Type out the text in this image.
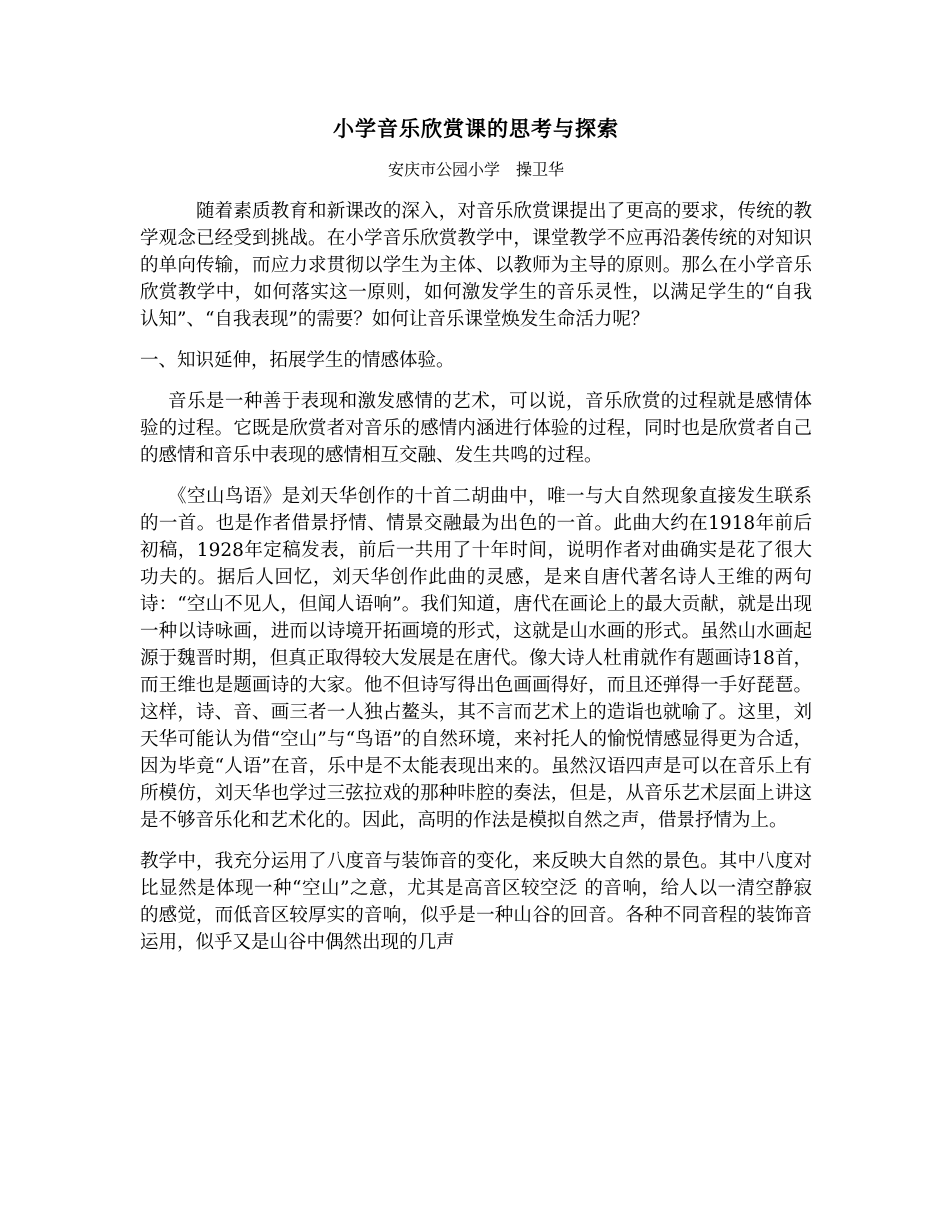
小学音乐欣赏课的思考与探索
安庆市公园小学　操卫华

随着素质教育和新课改的深入，对音乐欣赏课提出了更高的要求，传统的教学观念已经受到挑战。在小学音乐欣赏教学中，课堂教学不应再沿袭传统的对知识的单向传输，而应力求贯彻以学生为主体、以教师为主导的原则。那么在小学音乐欣赏教学中，如何落实这一原则，如何激发学生的音乐灵性，以满足学生的“自我认知”、“自我表现”的需要？如何让音乐课堂焕发生命活力呢？

一、知识延伸，拓展学生的情感体验。

音乐是一种善于表现和激发感情的艺术，可以说，音乐欣赏的过程就是感情体验的过程。它既是欣赏者对音乐的感情内涵进行体验的过程，同时也是欣赏者自己的感情和音乐中表现的感情相互交融、发生共鸣的过程。

《空山鸟语》是刘天华创作的十首二胡曲中，唯一与大自然现象直接发生联系的一首。也是作者借景抒情、情景交融最为出色的一首。此曲大约在1918年前后初稿，1928年定稿发表，前后一共用了十年时间，说明作者对曲确实是花了很大功夫的。据后人回忆，刘天华创作此曲的灵感，是来自唐代著名诗人王维的两句诗：“空山不见人，但闻人语响”。我们知道，唐代在画论上的最大贡献，就是出现一种以诗咏画，进而以诗境开拓画境的形式，这就是山水画的形式。虽然山水画起源于魏晋时期，但真正取得较大发展是在唐代。像大诗人杜甫就作有题画诗18首，而王维也是题画诗的大家。他不但诗写得出色画画得好，而且还弹得一手好琵琶。这样，诗、音、画三者一人独占鳌头，其不言而艺术上的造诣也就喻了。这里，刘天华可能认为借“空山”与“鸟语”的自然环境，来衬托人的愉悦情感显得更为合适，因为毕竟“人语”在音，乐中是不太能表现出来的。虽然汉语四声是可以在音乐上有所模仿，刘天华也学过三弦拉戏的那种咔腔的奏法，但是，从音乐艺术层面上讲这是不够音乐化和艺术化的。因此，高明的作法是模拟自然之声，借景抒情为上。

教学中，我充分运用了八度音与装饰音的变化，来反映大自然的景色。其中八度对比显然是体现一种“空山”之意，尤其是高音区较空泛 的音响，给人以一清空静寂的感觉，而低音区较厚实的音响，似乎是一种山谷的回音。各种不同音程的装饰音运用，似乎又是山谷中偶然出现的几声
